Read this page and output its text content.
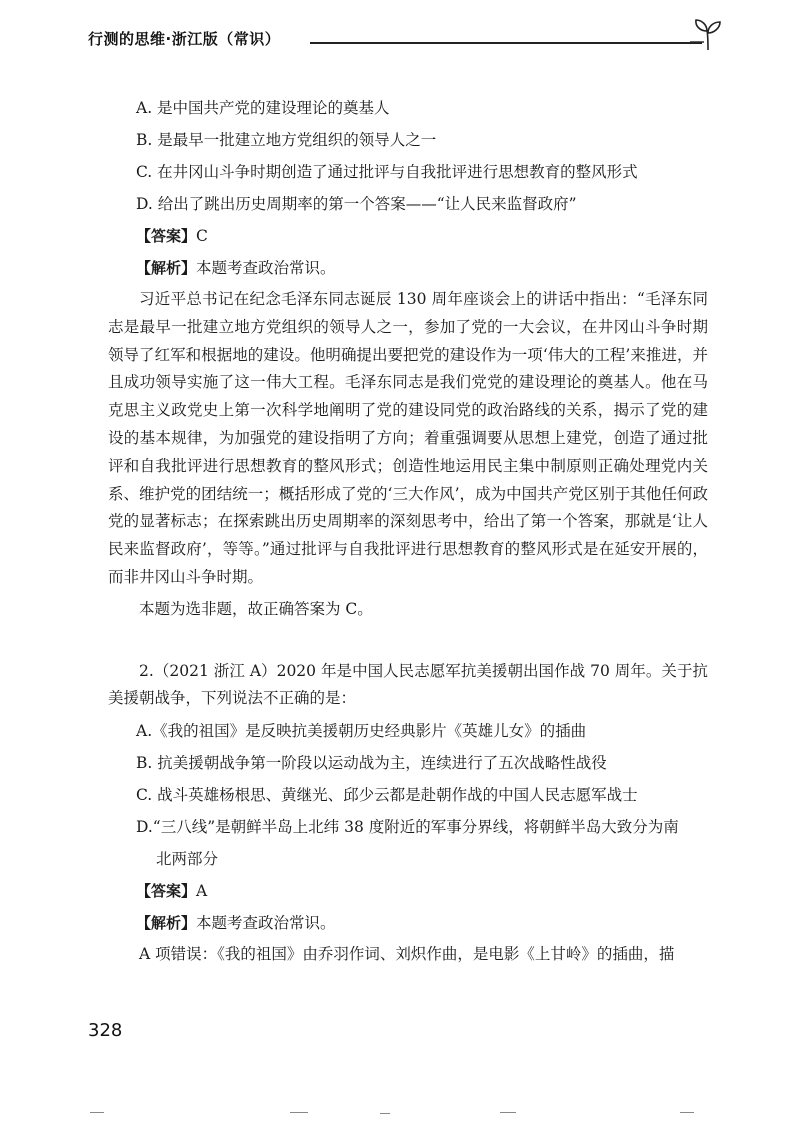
行测的思维·浙江版（常识）

A. 是中国共产党的建设理论的奠基人

B. 是最早一批建立地方党组织的领导人之一

C. 在井冈山斗争时期创造了通过批评与自我批评进行思想教育的整风形式

D. 给出了跳出历史周期率的第一个答案——“让人民来监督政府”

【答案】C

【解析】本题考查政治常识。

习近平总书记在纪念毛泽东同志诞辰 130 周年座谈会上的讲话中指出：“毛泽东同志是最早一批建立地方党组织的领导人之一，参加了党的一大会议，在井冈山斗争时期领导了红军和根据地的建设。他明确提出要把党的建设作为一项‘伟大的工程’来推进，并且成功领导实施了这一伟大工程。毛泽东同志是我们党党的建设理论的奠基人。他在马克思主义政党史上第一次科学地阐明了党的建设同党的政治路线的关系，揭示了党的建设的基本规律，为加强党的建设指明了方向；着重强调要从思想上建党，创造了通过批评和自我批评进行思想教育的整风形式；创造性地运用民主集中制原则正确处理党内关系、维护党的团结统一；概括形成了党的‘三大作风’，成为中国共产党区别于其他任何政党的显著标志；在探索跳出历史周期率的深刻思考中，给出了第一个答案，那就是‘让人民来监督政府’，等等。”通过批评与自我批评进行思想教育的整风形式是在延安开展的，而非井冈山斗争时期。

本题为选非题，故正确答案为 C。

2.（2021 浙江 A）2020 年是中国人民志愿军抗美援朝出国作战 70 周年。关于抗美援朝战争，下列说法不正确的是：

A.《我的祖国》是反映抗美援朝历史经典影片《英雄儿女》的插曲

B. 抗美援朝战争第一阶段以运动战为主，连续进行了五次战略性战役

C. 战斗英雄杨根思、黄继光、邱少云都是赴朝作战的中国人民志愿军战士

D.“三八线”是朝鲜半岛上北纬 38 度附近的军事分界线，将朝鲜半岛大致分为南

北两部分

【答案】A

【解析】本题考查政治常识。

A 项错误：《我的祖国》由乔羽作词、刘炽作曲，是电影《上甘岭》的插曲，描

328
